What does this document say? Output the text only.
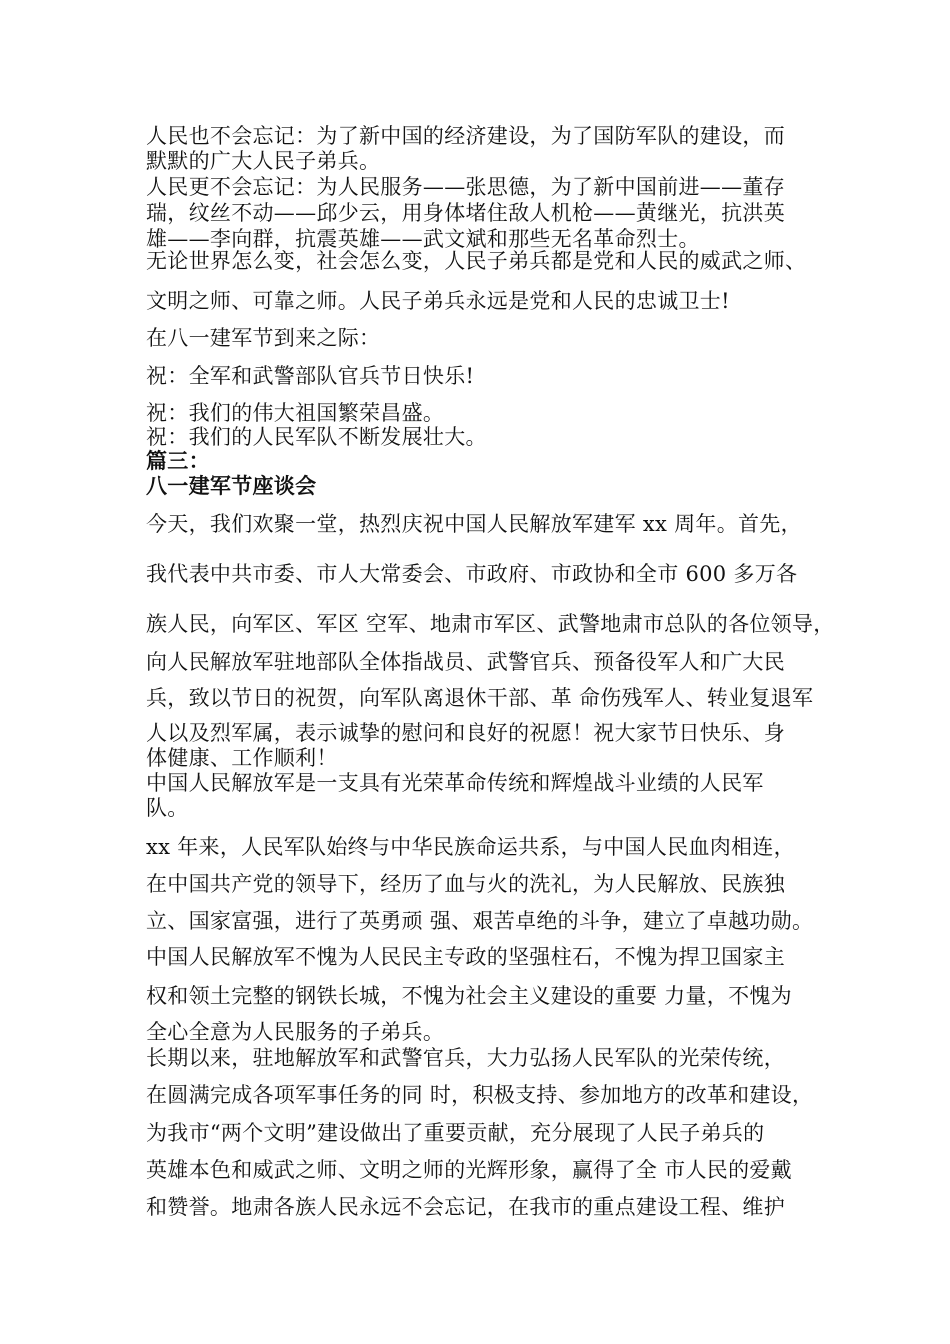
人民也不会忘记：为了新中国的经济建设，为了国防军队的建设，而
默默的广大人民子弟兵。
人民更不会忘记：为人民服务——张思德，为了新中国前进——董存
瑞，纹丝不动——邱少云，用身体堵住敌人机枪——黄继光，抗洪英
雄——李向群，抗震英雄——武文斌和那些无名革命烈士。
无论世界怎么变，社会怎么变，人民子弟兵都是党和人民的威武之师、
文明之师、可靠之师。人民子弟兵永远是党和人民的忠诚卫士!
在八一建军节到来之际：
祝：全军和武警部队官兵节日快乐!
祝：我们的伟大祖国繁荣昌盛。
祝：我们的人民军队不断发展壮大。
篇三：
八一建军节座谈会
今天，我们欢聚一堂，热烈庆祝中国人民解放军建军 xx 周年。首先，
我代表中共市委、市人大常委会、市政府、市政协和全市 600 多万各
族人民，向军区、军区 空军、地肃市军区、武警地肃市总队的各位领导，
向人民解放军驻地部队全体指战员、武警官兵、预备役军人和广大民
兵，致以节日的祝贺，向军队离退休干部、革 命伤残军人、转业复退军
人以及烈军属，表示诚挚的慰问和良好的祝愿！祝大家节日快乐、身
体健康、工作顺利！
中国人民解放军是一支具有光荣革命传统和辉煌战斗业绩的人民军
队。
xx 年来，人民军队始终与中华民族命运共系，与中国人民血肉相连，
在中国共产党的领导下，经历了血与火的洗礼，为人民解放、民族独
立、国家富强，进行了英勇顽 强、艰苦卓绝的斗争，建立了卓越功勋。
中国人民解放军不愧为人民民主专政的坚强柱石，不愧为捍卫国家主
权和领土完整的钢铁长城，不愧为社会主义建设的重要 力量，不愧为
全心全意为人民服务的子弟兵。
长期以来，驻地解放军和武警官兵，大力弘扬人民军队的光荣传统，
在圆满完成各项军事任务的同 时，积极支持、参加地方的改革和建设，
为我市“两个文明”建设做出了重要贡献，充分展现了人民子弟兵的
英雄本色和威武之师、文明之师的光辉形象，赢得了全 市人民的爱戴
和赞誉。地肃各族人民永远不会忘记，在我市的重点建设工程、维护
